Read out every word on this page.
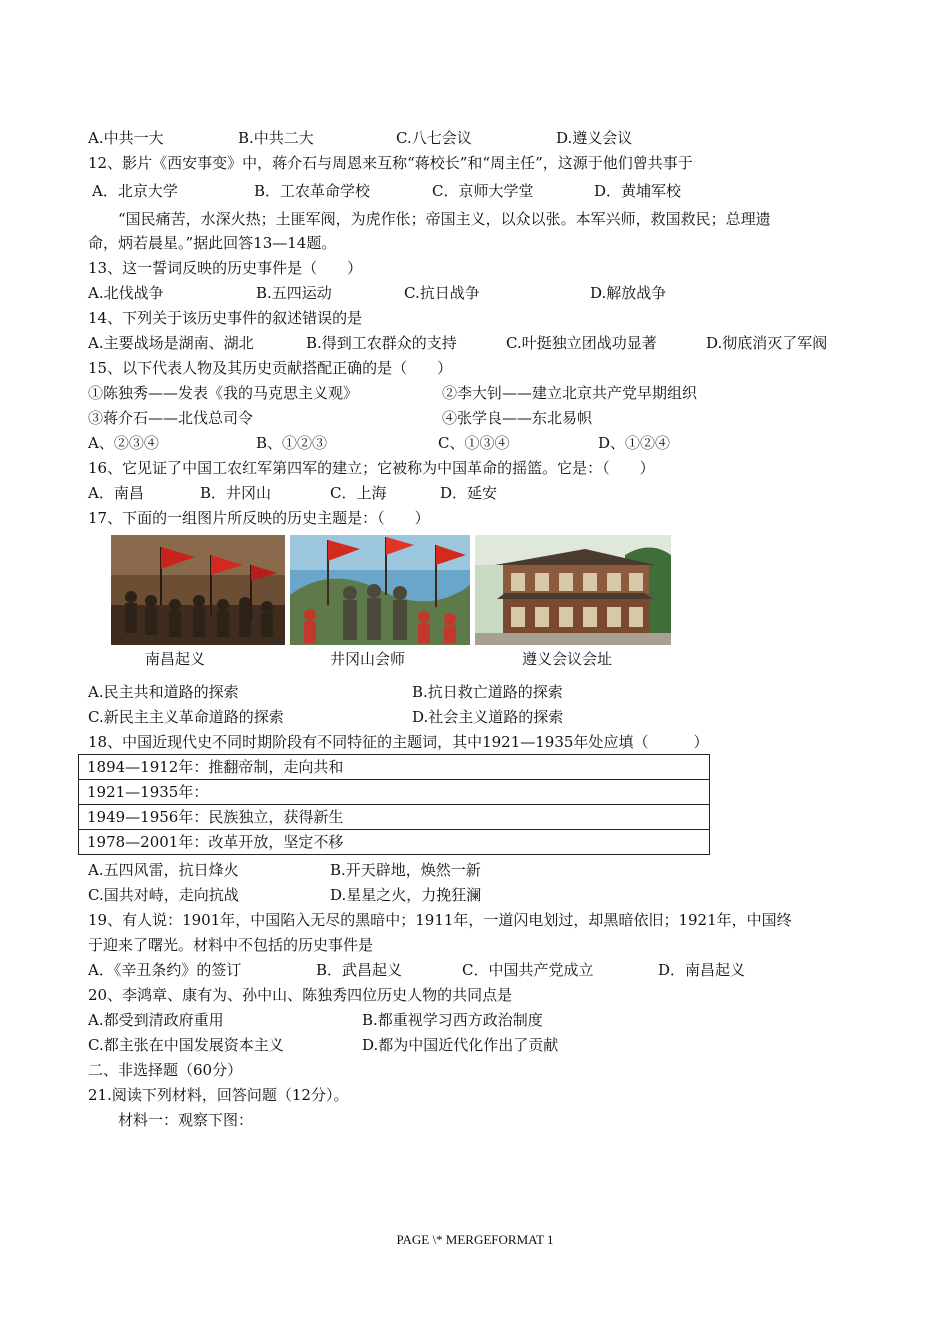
A.中共一大	B.中共二大	C.八七会议	D.遵义会议
12、影片《西安事变》中，蒋介石与周恩来互称“蒋校长”和“周主任”，这源于他们曾共事于
A．北京大学	B．工农革命学校	C．京师大学堂	D．黄埔军校
“国民痛苦，水深火热；土匪军阀，为虎作伥；帝国主义，以众以张。本军兴师，救国救民；总理遗
命，炳若晨星。”据此回答13—14题。
13、这一誓词反映的历史事件是（　　）
A.北伐战争	B.五四运动	C.抗日战争	D.解放战争
14、下列关于该历史事件的叙述错误的是
A.主要战场是湖南、湖北	B.得到工农群众的支持	C.叶挺独立团战功显著	D.彻底消灭了军阀
15、以下代表人物及其历史贡献搭配正确的是（　　）
①陈独秀——发表《我的马克思主义观》	②李大钊——建立北京共产党早期组织
③蒋介石——北伐总司令	④张学良——东北易帜
A、②③④	B、①②③	C、①③④	D、①②④
16、它见证了中国工农红军第四军的建立；它被称为中国革命的摇篮。它是：（　　）
A．南昌	B．井冈山	C．上海	D．延安
17、下面的一组图片所反映的历史主题是：（　　）
南昌起义	井冈山会师	遵义会议会址
A.民主共和道路的探索	B.抗日救亡道路的探索
C.新民主主义革命道路的探索	D.社会主义道路的探索
18、中国近现代史不同时期阶段有不同特征的主题词，其中1921—1935年处应填（　　　）
1894—1912年：推翻帝制，走向共和
1921—1935年：
1949—1956年：民族独立，获得新生
1978—2001年：改革开放，坚定不移
A.五四风雷，抗日烽火	B.开天辟地，焕然一新
C.国共对峙，走向抗战	D.星星之火，力挽狂澜
19、有人说：1901年，中国陷入无尽的黑暗中；1911年，一道闪电划过，却黑暗依旧；1921年，中国终
于迎来了曙光。材料中不包括的历史事件是
A．《辛丑条约》的签订	B．武昌起义	C．中国共产党成立	D．南昌起义
20、李鸿章、康有为、孙中山、陈独秀四位历史人物的共同点是
A.都受到清政府重用	B.都重视学习西方政治制度
C.都主张在中国发展资本主义	D.都为中国近代化作出了贡献
二、非选择题（60分）
21.阅读下列材料，回答问题（12分）。
材料一：观察下图：
PAGE \* MERGEFORMAT 1
